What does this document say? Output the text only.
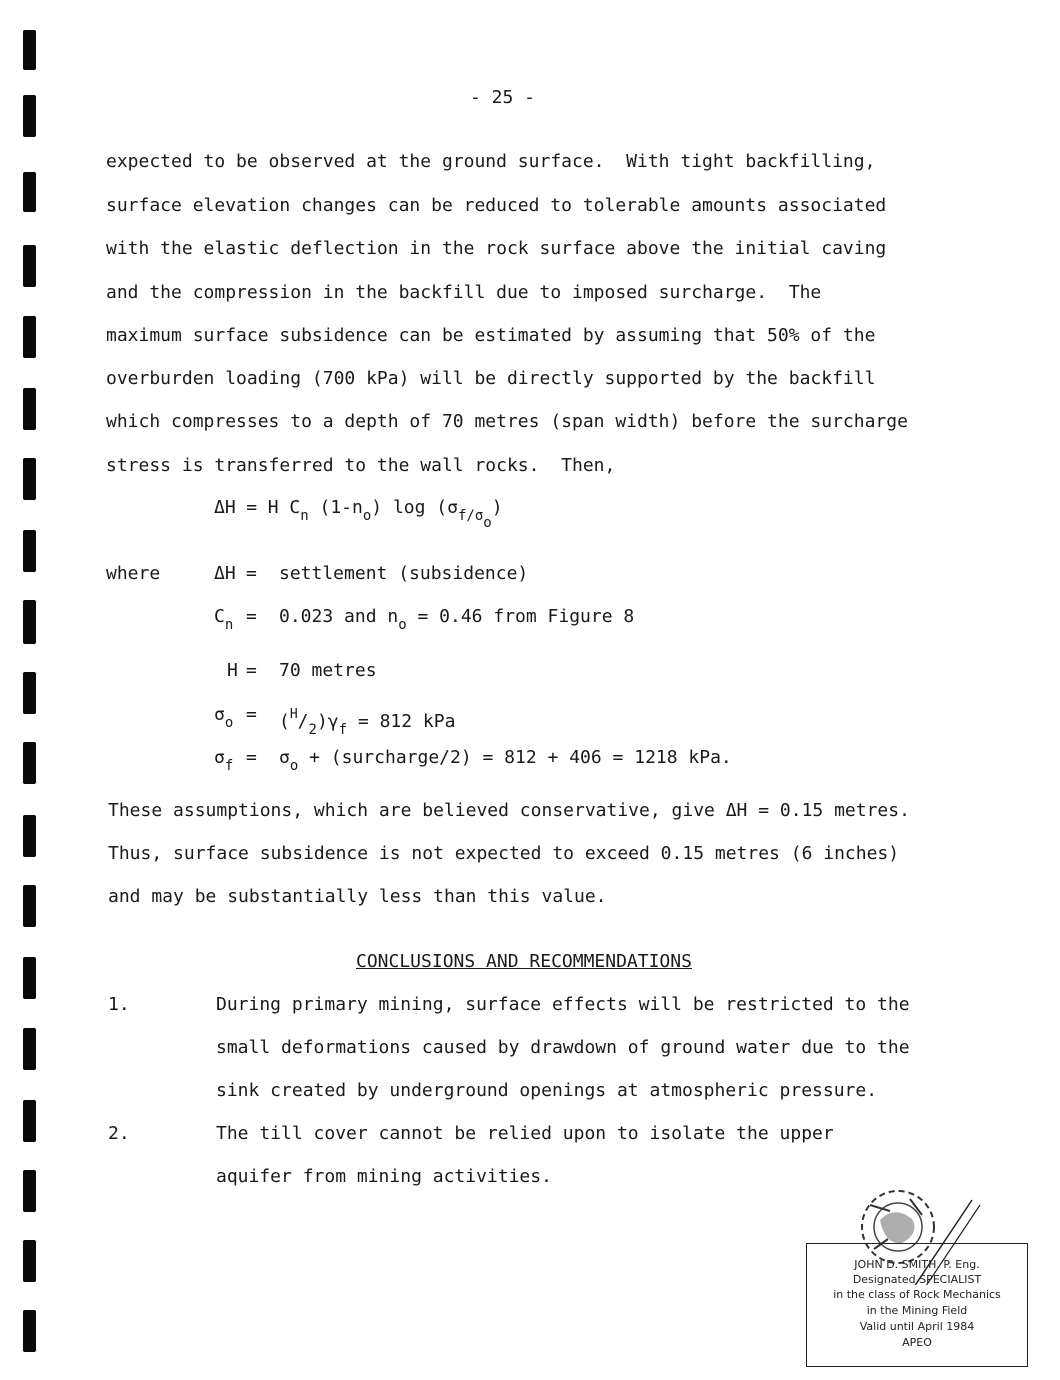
- 25 -
expected to be observed at the ground surface.  With tight backfilling,
surface elevation changes can be reduced to tolerable amounts associated
with the elastic deflection in the rock surface above the initial caving
and the compression in the backfill due to imposed surcharge.  The
maximum surface subsidence can be estimated by assuming that 50% of the
overburden loading (700 kPa) will be directly supported by the backfill
which compresses to a depth of 70 metres (span width) before the surcharge
stress is transferred to the wall rocks.  Then,
ΔH = H $C_n$ $(1-n_o)$ $\log (\sigma_{f/\sigma o})$
where	ΔH = settlement (subsidence)
$C_n = 0.023$ and $n_o = 0.46$ from Figure 8
H = 70 metres
$\sigma_o = (^H/_2)\gamma_f = 812$ kPa
$\sigma_f = \sigma_o$ + (surcharge/2) = 812 + 406 = 1218 kPa.
These assumptions, which are believed conservative, give ΔH = 0.15 metres.
Thus, surface subsidence is not expected to exceed 0.15 metres (6 inches)
and may be substantially less than this value.
CONCLUSIONS AND RECOMMENDATIONS
1.	During primary mining, surface effects will be restricted to the
small deformations caused by drawdown of ground water due to the
sink created by underground openings at atmospheric pressure.
2.	The till cover cannot be relied upon to isolate the upper
aquifer from mining activities.
JOHN D. SMITH, P. Eng.
Designated SPECIALIST
in the class of Rock Mechanics
in the Mining Field
Valid until April 1984
APEO
